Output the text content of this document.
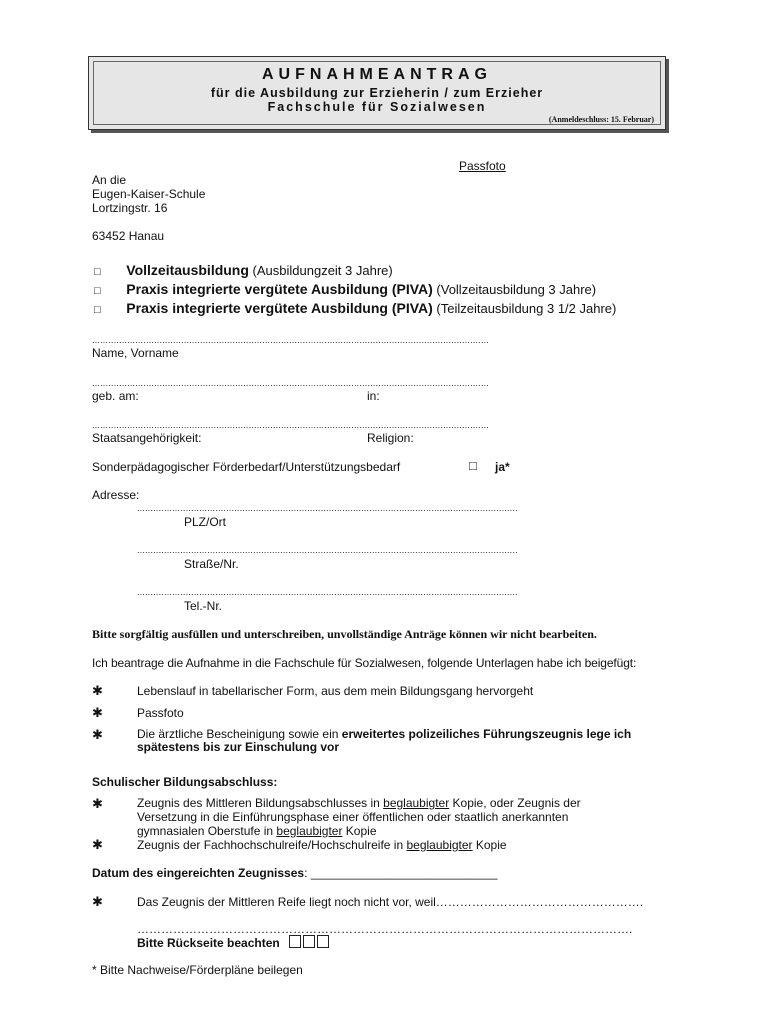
AUFNAHMEANTRAG
für die Ausbildung zur Erzieherin / zum Erzieher
Fachschule für Sozialwesen
(Anmeldeschluss: 15. Februar)
Passfoto
An die
Eugen-Kaiser-Schule
Lortzingstr. 16
63452 Hanau
□ Vollzeitausbildung (Ausbildungzeit 3 Jahre)
□ Praxis integrierte vergütete Ausbildung (PIVA) (Vollzeitausbildung 3 Jahre)
□ Praxis integrierte vergütete Ausbildung (PIVA) (Teilzeitausbildung 3 1/2 Jahre)
...................................................................................................................................................
Name, Vorname
...................................................................................................................................................
geb. am:	in:
...................................................................................................................................................
Staatsangehörigkeit:	Religion:
Sonderpädagogischer Förderbedarf/Unterstützungsbedarf	□ ja*
Adresse:
.............................................................................................................................................
PLZ/Ort
.............................................................................................................................................
Straße/Nr.
.............................................................................................................................................
Tel.-Nr.
Bitte sorgfältig ausfüllen und unterschreiben, unvollständige Anträge können wir nicht bearbeiten.
Ich beantrage die Aufnahme in die Fachschule für Sozialwesen, folgende Unterlagen habe ich beigefügt:
✱	Lebenslauf in tabellarischer Form, aus dem mein Bildungsgang hervorgeht
✱	Passfoto
✱	Die ärztliche Bescheinigung sowie ein erweitertes polizeiliches Führungszeugnis lege ich
spätestens bis zur Einschulung vor
Schulischer Bildungsabschluss:
✱	Zeugnis des Mittleren Bildungsabschlusses in beglaubigter Kopie, oder Zeugnis der
Versetzung in die Einführungsphase einer öffentlichen oder staatlich anerkannten
gymnasialen Oberstufe in beglaubigter Kopie
✱	Zeugnis der Fachhochschulreife/Hochschulreife in beglaubigter Kopie
Datum des eingereichten Zeugnisses: ____________________________
✱	Das Zeugnis der Mittleren Reife liegt noch nicht vor, weil…………………………………………….
…………………………………………………………………………………………………………….
Bitte Rückseite beachten
* Bitte Nachweise/Förderpläne beilegen
